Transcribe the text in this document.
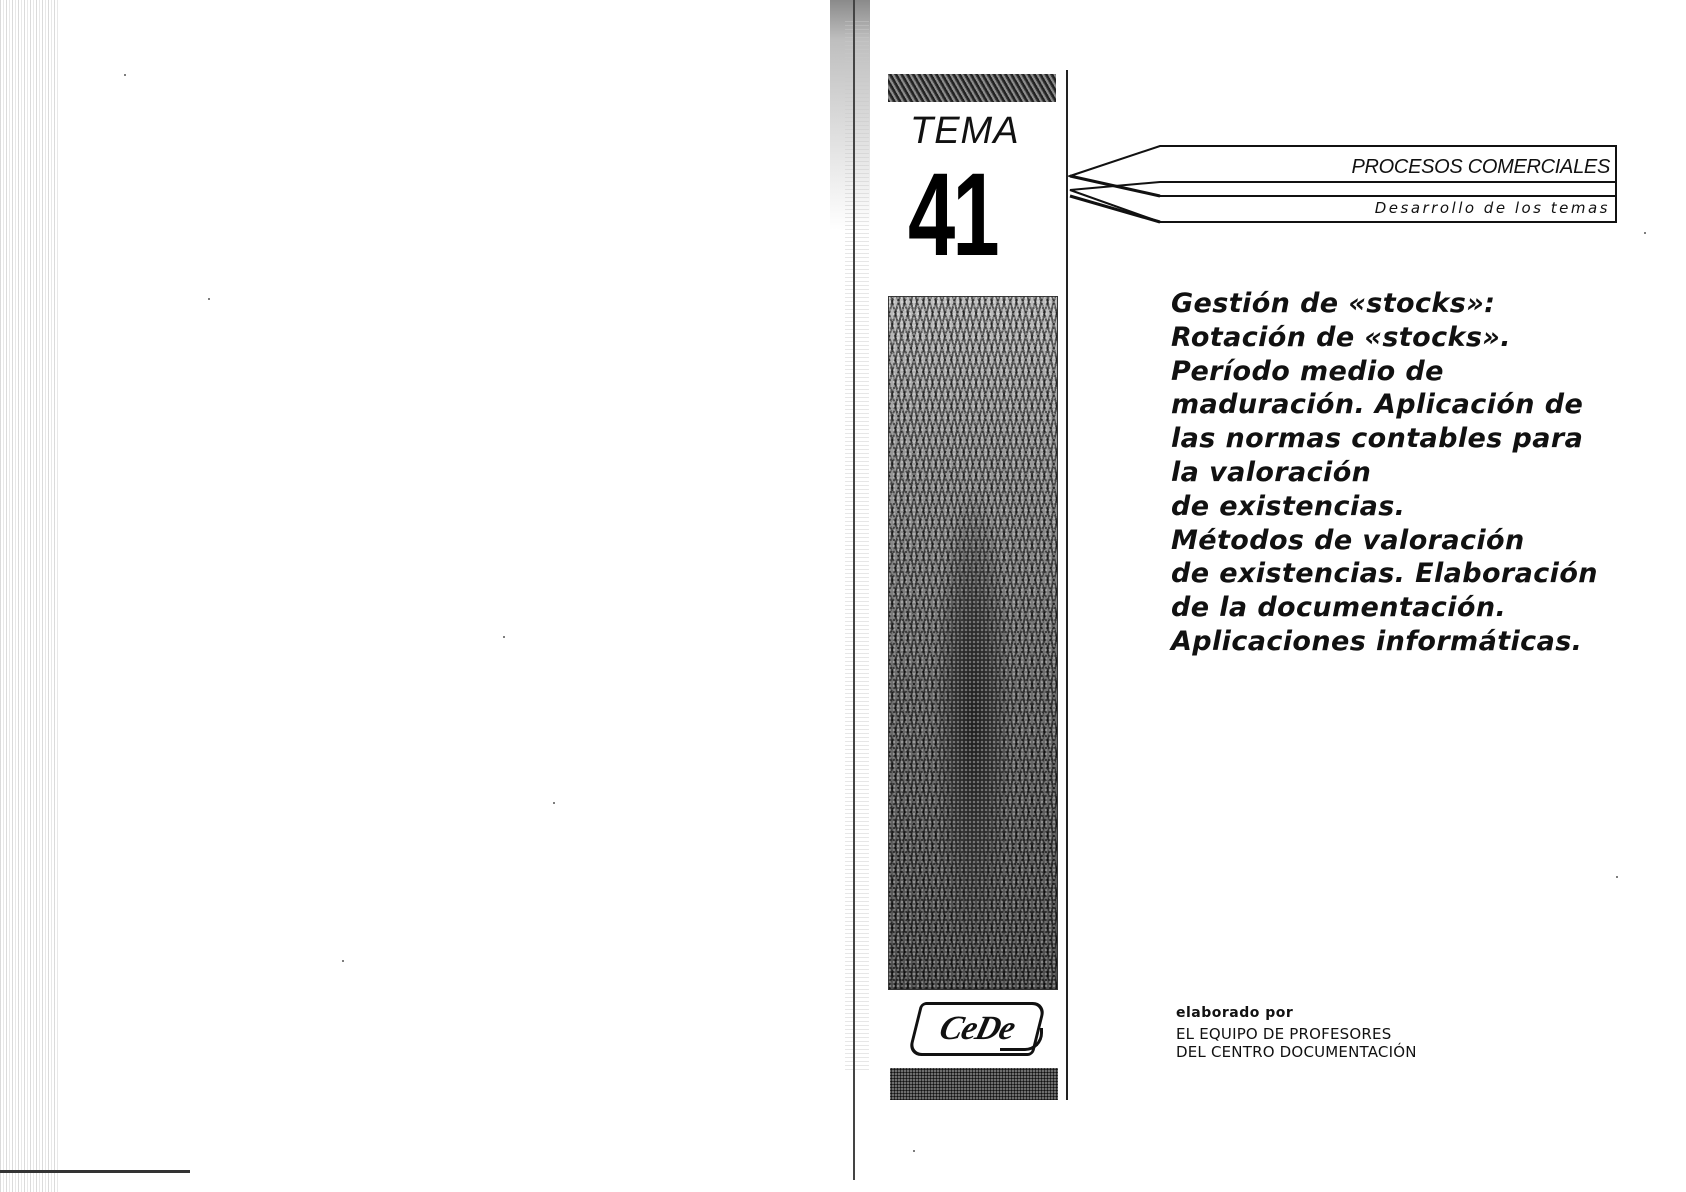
TEMA
41
CeDe
PROCESOS COMERCIALES
Desarrollo de los temas
Gestión de «stocks»:
Rotación de «stocks».
Período medio de
maduración. Aplicación de
las normas contables para
la valoración
de existencias.
Métodos de valoración
de existencias. Elaboración
de la documentación.
Aplicaciones informáticas.
elaborado por
EL EQUIPO DE PROFESORES
DEL CENTRO DOCUMENTACIÓN
